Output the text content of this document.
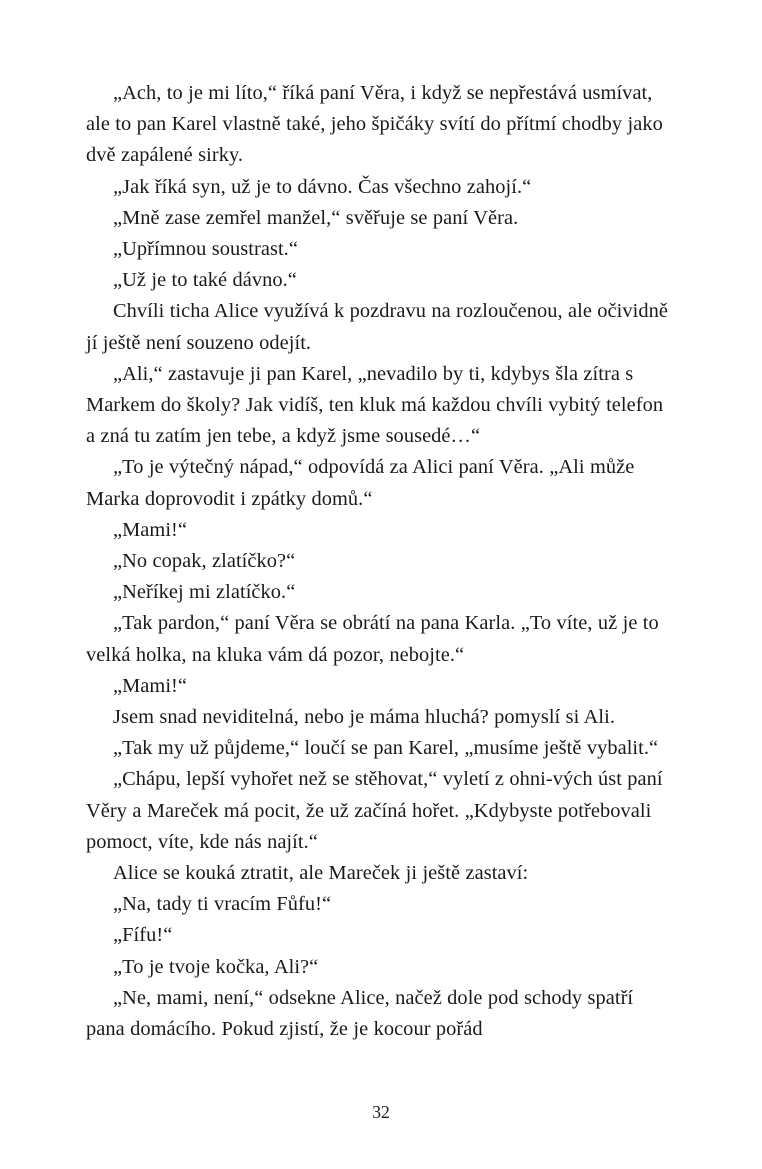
„Ach, to je mi líto,“ říká paní Věra, i když se nepřestává usmívat, ale to pan Karel vlastně také, jeho špičáky svítí do přítmí chodby jako dvě zapálené sirky.

„Jak říká syn, už je to dávno. Čas všechno zahojí.“

„Mně zase zemřel manžel,“ svěřuje se paní Věra.

„Upřímnou soustrast.“

„Už je to také dávno.“

Chvíli ticha Alice využívá k pozdravu na rozloučenou, ale očividně jí ještě není souzeno odejít.

„Ali,“ zastavuje ji pan Karel, „nevadilo by ti, kdybys šla zítra s Markem do školy? Jak vidíš, ten kluk má každou chvíli vybitý telefon a zná tu zatím jen tebe, a když jsme sousedé…“

„To je výtečný nápad,“ odpovídá za Alici paní Věra. „Ali může Marka doprovodit i zpátky domů.“

„Mami!“

„No copak, zlatíčko?“

„Neříkej mi zlatíčko.“

„Tak pardon,“ paní Věra se obrátí na pana Karla. „To víte, už je to velká holka, na kluka vám dá pozor, nebojte.“

„Mami!“

Jsem snad neviditelná, nebo je máma hluchá? pomyslí si Ali.

„Tak my už půjdeme,“ loučí se pan Karel, „musíme ještě vybalit.“

„Chápu, lepší vyhořet než se stěhovat,“ vyletí z ohni-vých úst paní Věry a Mareček má pocit, že už začíná hořet. „Kdybyste potřebovali pomoct, víte, kde nás najít.“

Alice se kouká ztratit, ale Mareček ji ještě zastaví:

„Na, tady ti vracím Fůfu!“

„Fífu!“

„To je tvoje kočka, Ali?“

„Ne, mami, není,“ odsekne Alice, načež dole pod schody spatří pana domácího. Pokud zjistí, že je kocour pořád

32
